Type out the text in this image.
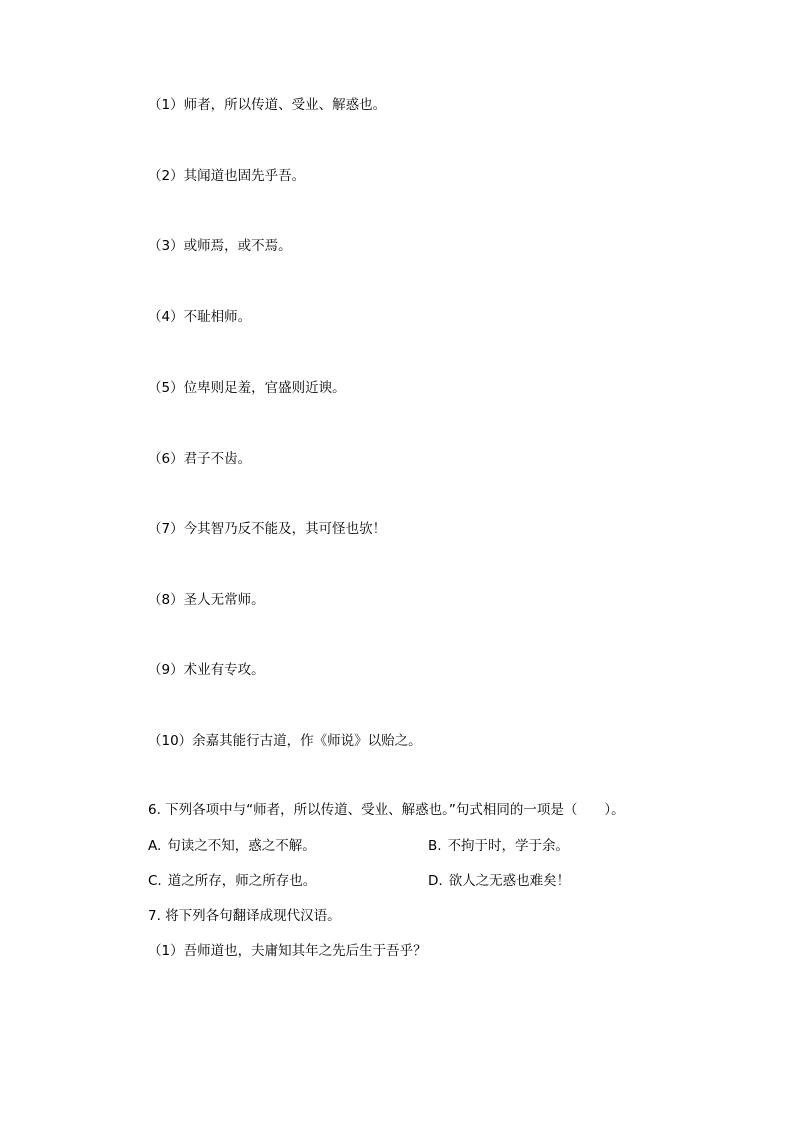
（1）师者，所以传道、受业、解惑也。
（2）其闻道也固先乎吾。
（3）或师焉，或不焉。
（4）不耻相师。
（5）位卑则足羞，官盛则近谀。
（6）君子不齿。
（7）今其智乃反不能及，其可怪也欤！
（8）圣人无常师。
（9）术业有专攻。
（10）余嘉其能行古道，作《师说》以贻之。
6. 下列各项中与“师者，所以传道、受业、解惑也。”句式相同的一项是（　　）。
A. 句读之不知，惑之不解。	B. 不拘于时，学于余。
C. 道之所存，师之所存也。	D. 欲人之无惑也难矣！
7. 将下列各句翻译成现代汉语。
（1）吾师道也，夫庸知其年之先后生于吾乎？
